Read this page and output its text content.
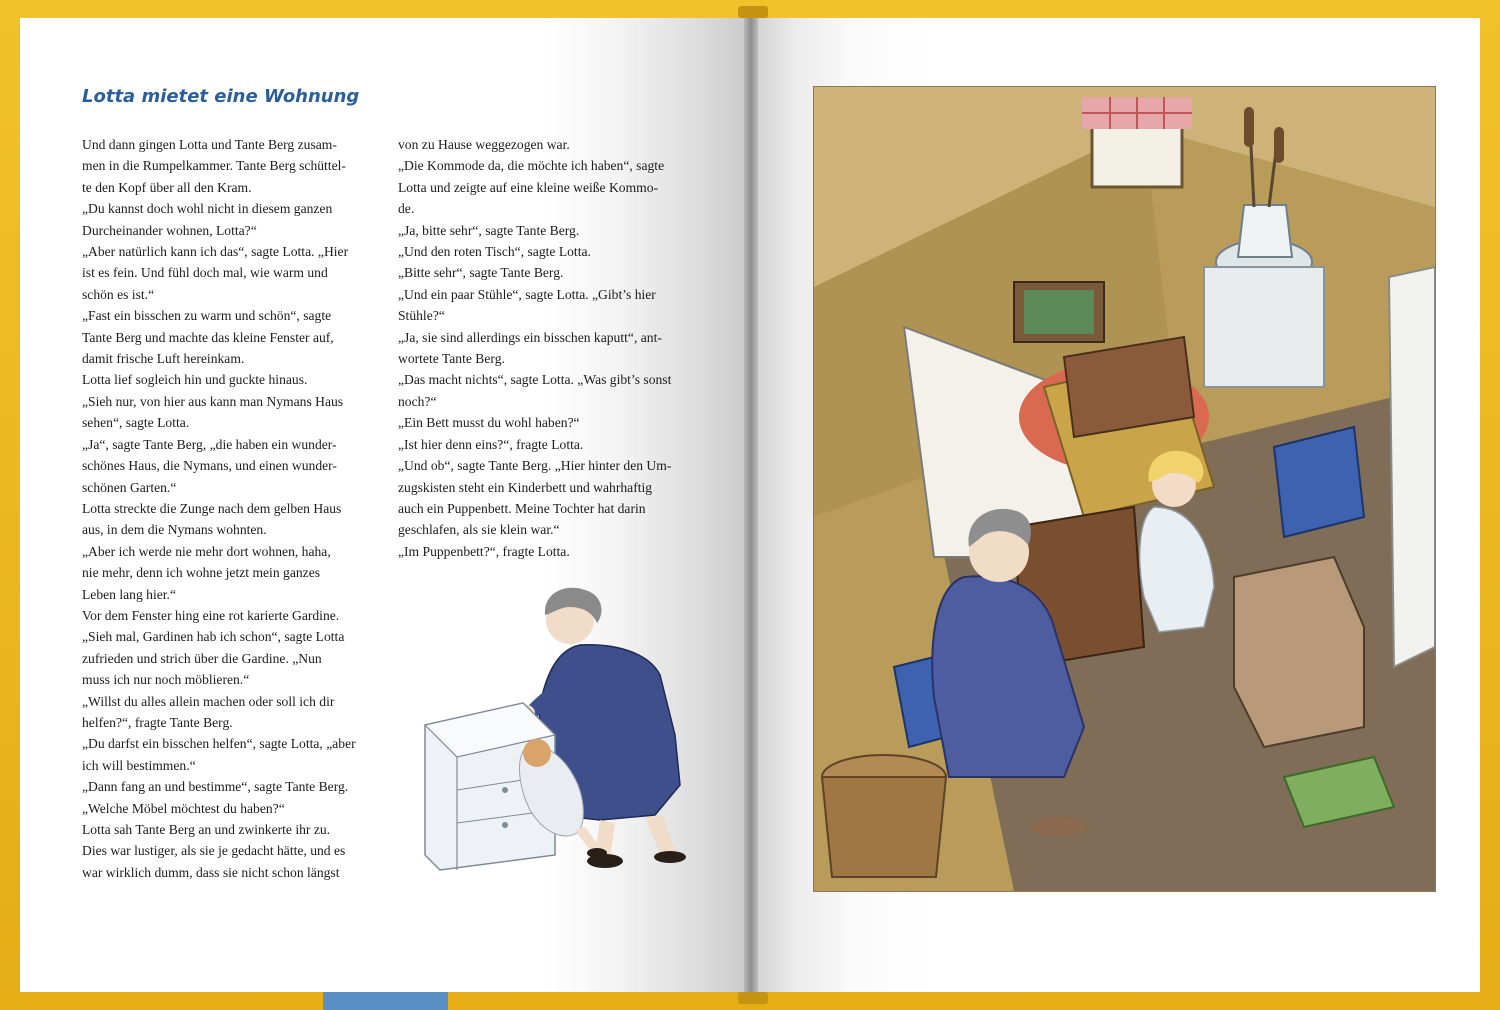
Lotta mietet eine Wohnung
Und dann gingen Lotta und Tante Berg zusam-
men in die Rumpelkammer. Tante Berg schüttel-
te den Kopf über all den Kram.
„Du kannst doch wohl nicht in diesem ganzen
Durcheinander wohnen, Lotta?“
„Aber natürlich kann ich das“, sagte Lotta. „Hier
ist es fein. Und fühl doch mal, wie warm und
schön es ist.“
„Fast ein bisschen zu warm und schön“, sagte
Tante Berg und machte das kleine Fenster auf,
damit frische Luft hereinkam.
Lotta lief sogleich hin und guckte hinaus.
„Sieh nur, von hier aus kann man Nymans Haus
sehen“, sagte Lotta.
„Ja“, sagte Tante Berg, „die haben ein wunder-
schönes Haus, die Nymans, und einen wunder-
schönen Garten.“
Lotta streckte die Zunge nach dem gelben Haus
aus, in dem die Nymans wohnten.
„Aber ich werde nie mehr dort wohnen, haha,
nie mehr, denn ich wohne jetzt mein ganzes
Leben lang hier.“
Vor dem Fenster hing eine rot karierte Gardine.
„Sieh mal, Gardinen hab ich schon“, sagte Lotta
zufrieden und strich über die Gardine. „Nun
muss ich nur noch möblieren.“
„Willst du alles allein machen oder soll ich dir
helfen?“, fragte Tante Berg.
„Du darfst ein bisschen helfen“, sagte Lotta, „aber
ich will bestimmen.“
„Dann fang an und bestimme“, sagte Tante Berg.
„Welche Möbel möchtest du haben?“
Lotta sah Tante Berg an und zwinkerte ihr zu.
Dies war lustiger, als sie je gedacht hätte, und es
war wirklich dumm, dass sie nicht schon längst
von zu Hause weggezogen war.
„Die Kommode da, die möchte ich haben“, sagte
Lotta und zeigte auf eine kleine weiße Kommo-
de.
„Ja, bitte sehr“, sagte Tante Berg.
„Und den roten Tisch“, sagte Lotta.
„Bitte sehr“, sagte Tante Berg.
„Und ein paar Stühle“, sagte Lotta. „Gibt’s hier
Stühle?“
„Ja, sie sind allerdings ein bisschen kaputt“, ant-
wortete Tante Berg.
„Das macht nichts“, sagte Lotta. „Was gibt’s sonst
noch?“
„Ein Bett musst du wohl haben?“
„Ist hier denn eins?“, fragte Lotta.
„Und ob“, sagte Tante Berg. „Hier hinter den Um-
zugskisten steht ein Kinderbett und wahrhaftig
auch ein Puppenbett. Meine Tochter hat darin
geschlafen, als sie klein war.“
„Im Puppenbett?“, fragte Lotta.
